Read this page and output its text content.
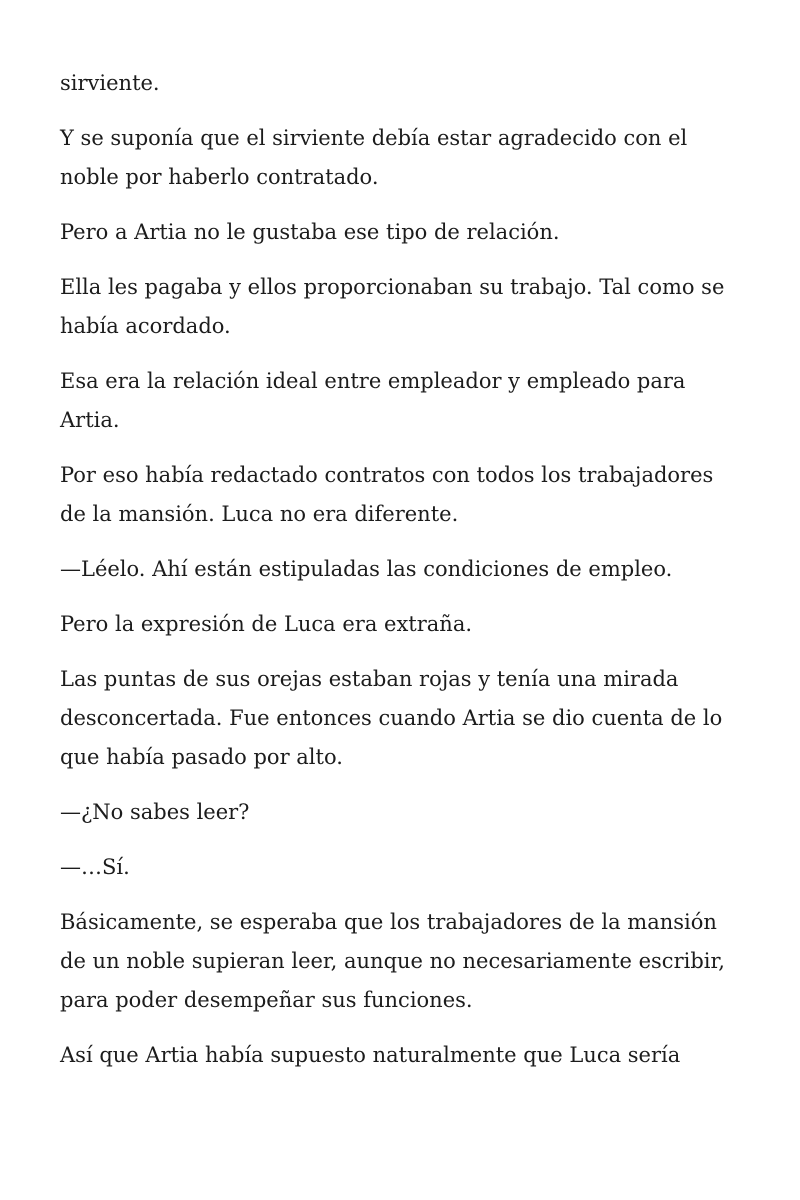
sirviente.

Y se suponía que el sirviente debía estar agradecido con el noble por haberlo contratado.

Pero a Artia no le gustaba ese tipo de relación.

Ella les pagaba y ellos proporcionaban su trabajo. Tal como se había acordado.

Esa era la relación ideal entre empleador y empleado para Artia.

Por eso había redactado contratos con todos los trabajadores de la mansión. Luca no era diferente.

—Léelo. Ahí están estipuladas las condiciones de empleo.

Pero la expresión de Luca era extraña.

Las puntas de sus orejas estaban rojas y tenía una mirada desconcertada. Fue entonces cuando Artia se dio cuenta de lo que había pasado por alto.

—¿No sabes leer?

—…Sí.

Básicamente, se esperaba que los trabajadores de la mansión de un noble supieran leer, aunque no necesariamente escribir, para poder desempeñar sus funciones.

Así que Artia había supuesto naturalmente que Luca sería
